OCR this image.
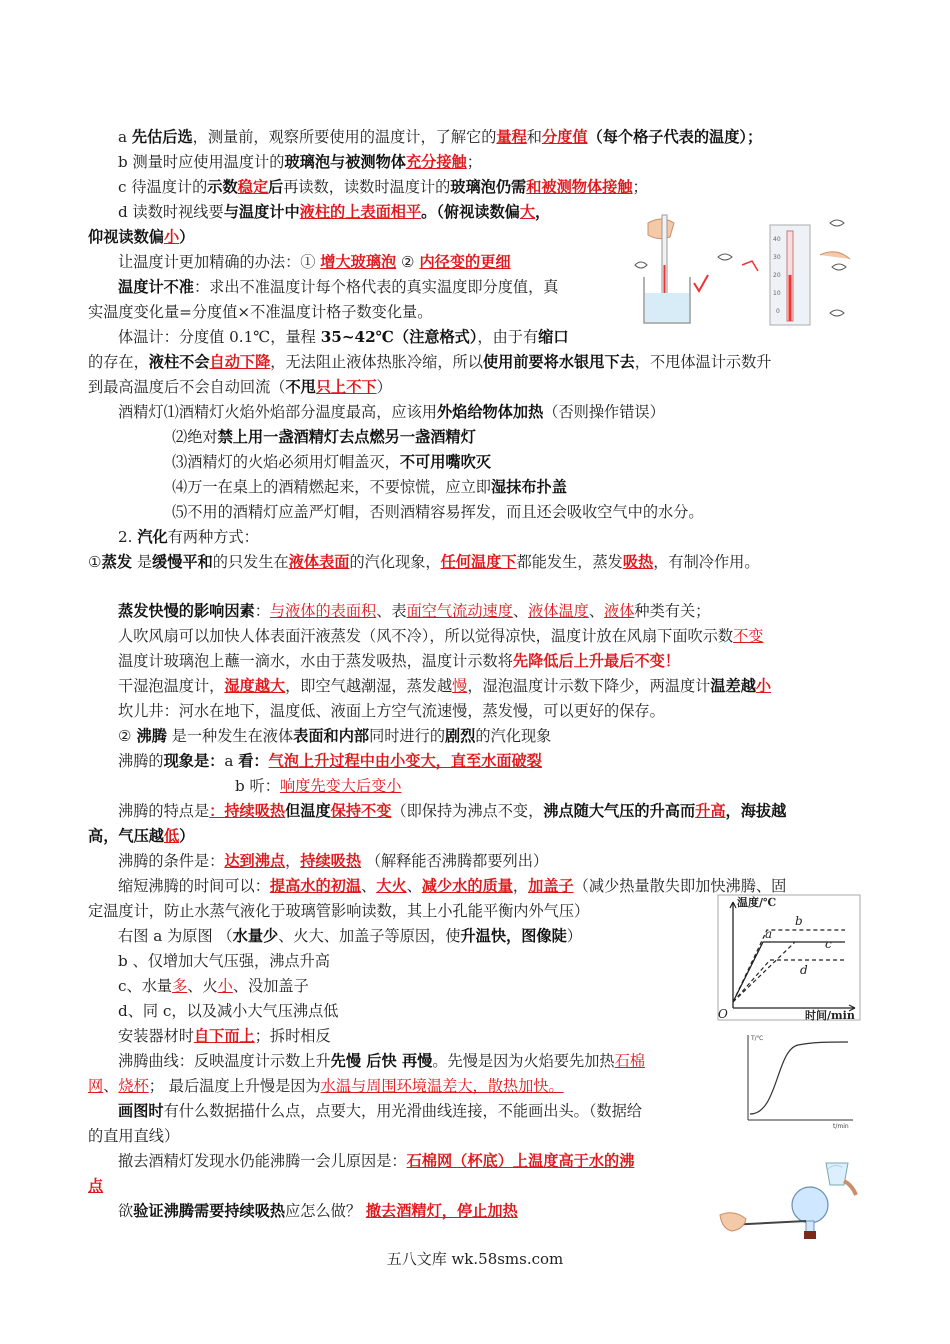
a 先估后选，测量前，观察所要使用的温度计，了解它的量程和分度值（每个格子代表的温度）；
b 测量时应使用温度计的玻璃泡与被测物体充分接触；
c 待温度计的示数稳定后再读数，读数时温度计的玻璃泡仍需和被测物体接触；
d 读数时视线要与温度计中液柱的上表面相平。（俯视读数偏大，
仰视读数偏小）
让温度计更加精确的办法：① 增大玻璃泡 ② 内径变的更细
温度计不准：求出不准温度计每个格代表的真实温度即分度值，真
实温度变化量=分度值×不准温度计格子数变化量。
体温计：分度值 0.1℃，量程 35~42℃（注意格式），由于有缩口
的存在，液柱不会自动下降，无法阻止液体热胀冷缩，所以使用前要将水银甩下去，不甩体温计示数升
到最高温度后不会自动回流（不甩只上不下）
酒精灯⑴酒精灯火焰外焰部分温度最高，应该用外焰给物体加热（否则操作错误）
⑵绝对禁上用一盏酒精灯去点燃另一盏酒精灯
⑶酒精灯的火焰必须用灯帽盖灭，不可用嘴吹灭
⑷万一在桌上的酒精燃起来，不要惊慌，应立即湿抹布扑盖
⑸不用的酒精灯应盖严灯帽，否则酒精容易挥发，而且还会吸收空气中的水分。
2. 汽化有两种方式：
①蒸发 是缓慢平和的只发生在液体表面的汽化现象，任何温度下都能发生，蒸发吸热，有制冷作用。
蒸发快慢的影响因素：与液体的表面积、表面空气流动速度、液体温度、液体种类有关；
人吹风扇可以加快人体表面汗液蒸发（风不冷），所以觉得凉快，温度计放在风扇下面吹示数不变
温度计玻璃泡上蘸一滴水，水由于蒸发吸热，温度计示数将先降低后上升最后不变！
干湿泡温度计，湿度越大，即空气越潮湿，蒸发越慢，湿泡温度计示数下降少，两温度计温差越小
坎儿井：河水在地下，温度低、液面上方空气流速慢，蒸发慢，可以更好的保存。
② 沸腾 是一种发生在液体表面和内部同时进行的剧烈的汽化现象
沸腾的现象是：a 看：气泡上升过程中由小变大，直至水面破裂
b 听：响度先变大后变小
沸腾的特点是：持续吸热但温度保持不变（即保持为沸点不变，沸点随大气压的升高而升高，海拔越
高，气压越低）
沸腾的条件是：达到沸点，持续吸热 （解释能否沸腾都要列出）
缩短沸腾的时间可以：提高水的初温、大火、减少水的质量，加盖子（减少热量散失即加快沸腾、固
定温度计，防止水蒸气液化于玻璃管影响读数，其上小孔能平衡内外气压）
右图 a 为原图 （水量少、火大、加盖子等原因，使升温快，图像陡）
b 、仅增加大气压强，沸点升高
c、水量多、火小、没加盖子
d、同 c，以及减小大气压沸点低
安装器材时自下而上；拆时相反
沸腾曲线：反映温度计示数上升先慢 后快 再慢。先慢是因为火焰要先加热石棉
网、烧杯； 最后温度上升慢是因为水温与周围环境温差大，散热加快。
画图时有什么数据描什么点，点要大，用光滑曲线连接，不能画出头。（数据给
的直用直线）
撤去酒精灯发现水仍能沸腾一会儿原因是：石棉网（杯底）上温度高于水的沸
点
欲验证沸腾需要持续吸热应怎么做？ 撤去酒精灯，停止加热
40
30
20
10
0
温度/℃
O	时间/min
a
b
c
d
T/℃
t/min
五八文库 wk.58sms.com
